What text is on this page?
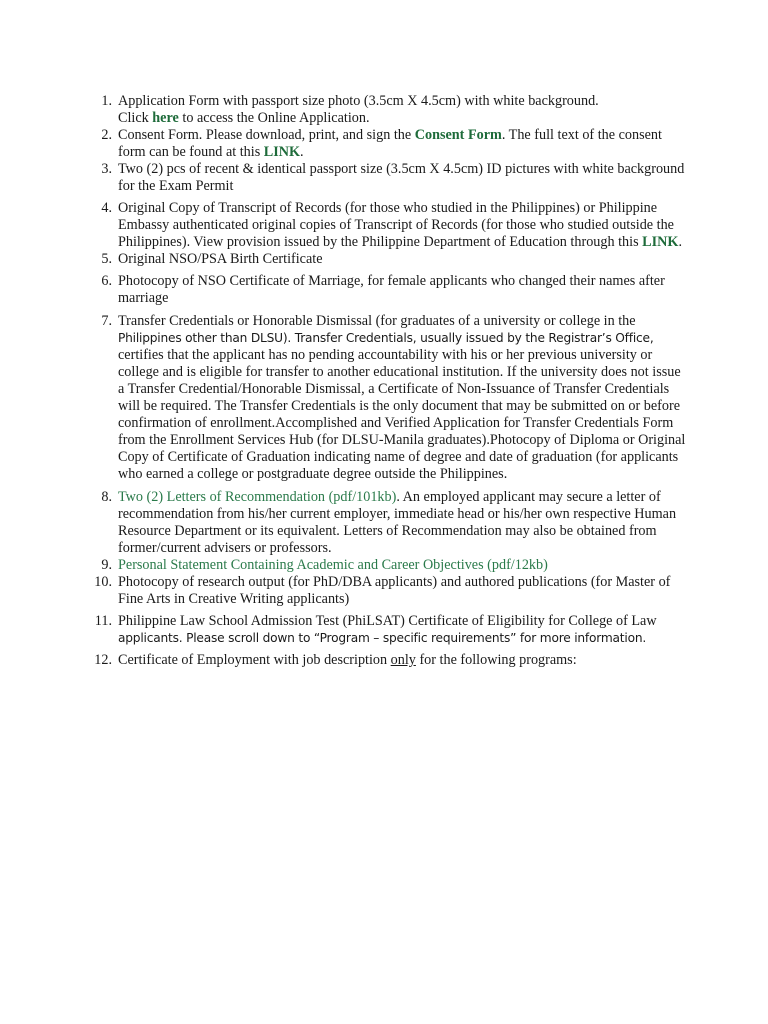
1. Application Form with passport size photo (3.5cm X 4.5cm) with white background.
Click here to access the Online Application.
2. Consent Form. Please download, print, and sign the Consent Form. The full text of the consent form can be found at this LINK.
3. Two (2) pcs of recent & identical passport size (3.5cm X 4.5cm) ID pictures with white background for the Exam Permit
4. Original Copy of Transcript of Records (for those who studied in the Philippines) or Philippine Embassy authenticated original copies of Transcript of Records (for those who studied outside the Philippines). View provision issued by the Philippine Department of Education through this LINK.
5. Original NSO/PSA Birth Certificate
6. Photocopy of NSO Certificate of Marriage, for female applicants who changed their names after marriage
7. Transfer Credentials or Honorable Dismissal (for graduates of a university or college in the Philippines other than DLSU). Transfer Credentials, usually issued by the Registrar’s Office, certifies that the applicant has no pending accountability with his or her previous university or college and is eligible for transfer to another educational institution. If the university does not issue a Transfer Credential/Honorable Dismissal, a Certificate of Non-Issuance of Transfer Credentials will be required. The Transfer Credentials is the only document that may be submitted on or before confirmation of enrollment.Accomplished and Verified Application for Transfer Credentials Form from the Enrollment Services Hub (for DLSU-Manila graduates).Photocopy of Diploma or Original Copy of Certificate of Graduation indicating name of degree and date of graduation (for applicants who earned a college or postgraduate degree outside the Philippines.
8. Two (2) Letters of Recommendation (pdf/101kb). An employed applicant may secure a letter of recommendation from his/her current employer, immediate head or his/her own respective Human Resource Department or its equivalent. Letters of Recommendation may also be obtained from former/current advisers or professors.
9. Personal Statement Containing Academic and Career Objectives (pdf/12kb)
10. Photocopy of research output (for PhD/DBA applicants) and authored publications (for Master of Fine Arts in Creative Writing applicants)
11. Philippine Law School Admission Test (PhiLSAT) Certificate of Eligibility for College of Law applicants. Please scroll down to “Program – specific requirements” for more information.
12. Certificate of Employment with job description only for the following programs:
